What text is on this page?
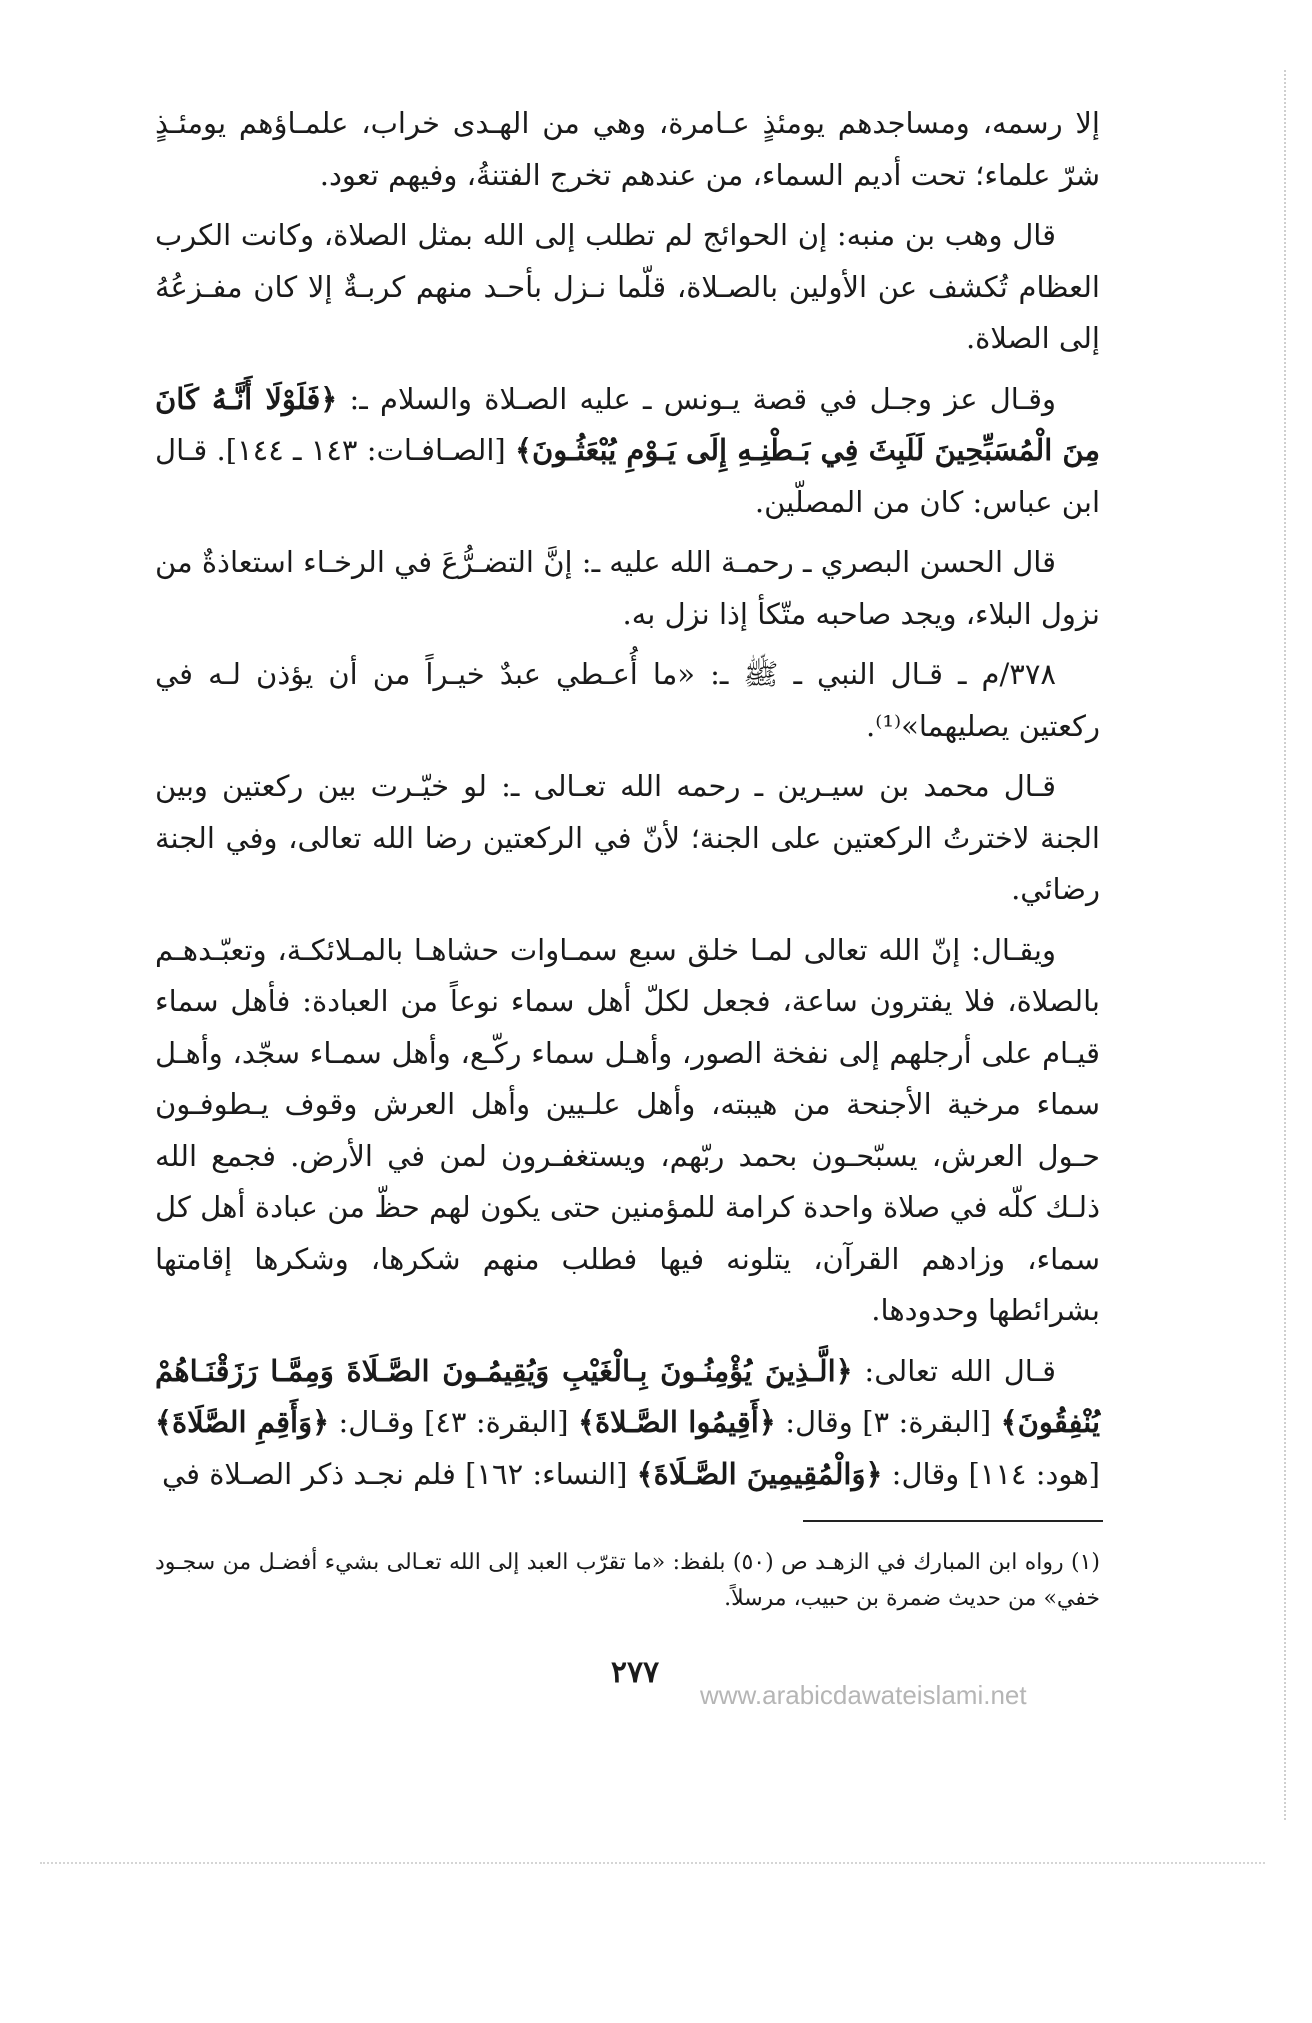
إلا رسمه، ومساجدهم يومئذٍ عـامرة، وهي من الهـدى خراب، علمـاؤهم يومئـذٍ شرّ علماء؛ تحت أديم السماء، من عندهم تخرج الفتنةُ، وفيهم تعود.

قال وهب بن منبه: إن الحوائج لم تطلب إلى الله بمثل الصلاة، وكانت الكرب العظام تُكشف عن الأولين بالصـلاة، قلّما نـزل بأحـد منهم كربـةٌ إلا كان مفـزعُهُ إلى الصلاة.

وقـال عز وجـل في قصة يـونس ـ عليه الصـلاة والسلام ـ: ﴿فَلَوْلَا أَنَّـهُ كَانَ مِنَ الْمُسَبِّحِينَ لَلَبِثَ فِي بَـطْنِـهِ إِلَى يَـوْمِ يُبْعَثُـونَ﴾ [الصـافـات: ١٤٣ ـ ١٤٤]. قـال ابن عباس: كان من المصلّين.

قال الحسن البصري ـ رحمـة الله عليه ـ: إنَّ التضـرُّعَ في الرخـاء استعاذةٌ من نزول البلاء، ويجد صاحبه متّكأ إذا نزل به.

٣٧٨/م ـ قـال النبي ـ ﷺ ـ: «ما أُعـطي عبدٌ خيـراً من أن يؤذن لـه في ركعتين يصليهما»⁽¹⁾.

قـال محمد بن سيـرين ـ رحمه الله تعـالى ـ: لو خيّـرت بين ركعتين وبين الجنة لاخترتُ الركعتين على الجنة؛ لأنّ في الركعتين رضا الله تعالى، وفي الجنة رضائي.

ويقـال: إنّ الله تعالى لمـا خلق سبع سمـاوات حشاهـا بالمـلائكـة، وتعبّـدهـم بالصلاة، فلا يفترون ساعة، فجعل لكلّ أهل سماء نوعاً من العبادة: فأهل سماء قيـام على أرجلهم إلى نفخة الصور، وأهـل سماء ركّـع، وأهل سمـاء سجّد، وأهـل سماء مرخية الأجنحة من هيبته، وأهل علـيين وأهل العرش وقوف يـطوفـون حـول العرش، يسبّحـون بحمد ربّهم، ويستغفـرون لمن في الأرض. فجمع الله ذلـك كلّه في صلاة واحدة كرامة للمؤمنين حتى يكون لهم حظّ من عبادة أهل كل سماء، وزادهم القرآن، يتلونه فيها فطلب منهم شكرها، وشكرها إقامتها بشرائطها وحدودها.

قـال الله تعالى: ﴿الَّـذِينَ يُؤْمِنُـونَ بِـالْغَيْبِ وَيُقِيمُـونَ الصَّـلَاةَ وَمِمَّـا رَزَقْنَـاهُمْ يُنْفِقُونَ﴾ [البقرة: ٣] وقال: ﴿أَقِيمُوا الصَّـلاةَ﴾ [البقرة: ٤٣] وقـال: ﴿وَأَقِمِ الصَّلَاةَ﴾ [هود: ١١٤] وقال: ﴿وَالْمُقِيمِينَ الصَّـلَاةَ﴾ [النساء: ١٦٢] فلم نجـد ذكر الصـلاة في

(١) رواه ابن المبارك في الزهـد ص (٥٠) بلفظ: «ما تقرّب العبد إلى الله تعـالى بشيء أفضـل من سجـود خفي» من حديث ضمرة بن حبيب، مرسلاً.
٢٧٧
www.arabicdawateislami.net
